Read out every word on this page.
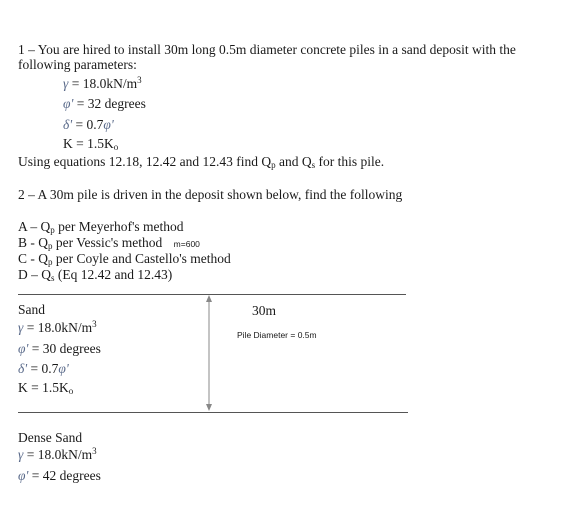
1 – You are hired to install 30m long 0.5m diameter concrete piles in a sand deposit with the
following parameters:
$\gamma = 18.0kN/m^3$
φ' = 32 degrees
δ' = 0.7φ'
$K = 1.5K_o$
Using equations 12.18, 12.42 and 12.43 find $Q_p$ and $Q_s$ for this pile.
2 – A 30m pile is driven in the deposit shown below, find the following
A – $Q_p$ per Meyerhof's method
B - $Q_p$ per Vessic's method m=600
C - $Q_p$ per Coyle and Castello's method
D – $Q_s$ (Eq 12.42 and 12.43)
30m
Pile Diameter = 0.5m
Sand
$\gamma = 18.0kN/m^3$
φ' = 30 degrees
δ' = 0.7φ'
$K = 1.5K_o$
Dense Sand
$\gamma = 18.0kN/m^3$
φ' = 42 degrees
